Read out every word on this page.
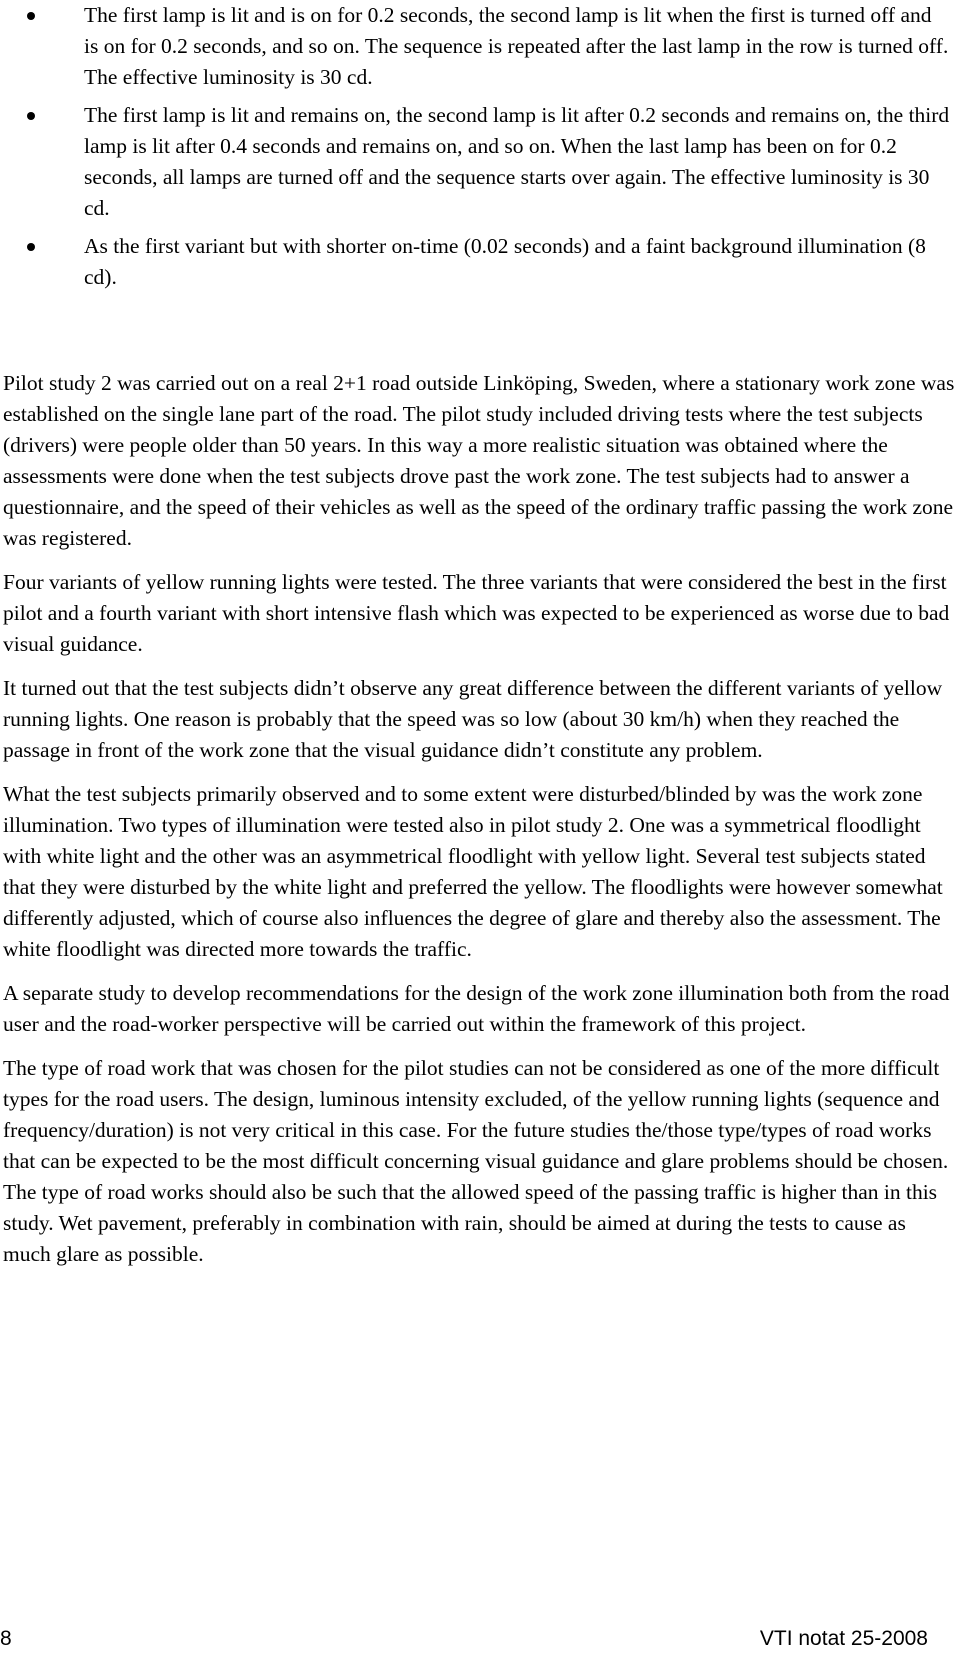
The first lamp is lit and is on for 0.2 seconds, the second lamp is lit when the first is turned off and is on for 0.2 seconds, and so on. The sequence is repeated after the last lamp in the row is turned off. The effective luminosity is 30 cd.
The first lamp is lit and remains on, the second lamp is lit after 0.2 seconds and remains on, the third lamp is lit after 0.4 seconds and remains on, and so on. When the last lamp has been on for 0.2 seconds, all lamps are turned off and the sequence starts over again. The effective luminosity is 30 cd.
As the first variant but with shorter on-time (0.02 seconds) and a faint background illumination (8 cd).

Pilot study 2 was carried out on a real 2+1 road outside Linköping, Sweden, where a stationary work zone was established on the single lane part of the road. The pilot study included driving tests where the test subjects (drivers) were people older than 50 years. In this way a more realistic situation was obtained where the assessments were done when the test subjects drove past the work zone. The test subjects had to answer a questionnaire, and the speed of their vehicles as well as the speed of the ordinary traffic passing the work zone was registered.

Four variants of yellow running lights were tested. The three variants that were considered the best in the first pilot and a fourth variant with short intensive flash which was expected to be experienced as worse due to bad visual guidance.

It turned out that the test subjects didn’t observe any great difference between the different variants of yellow running lights. One reason is probably that the speed was so low (about 30 km/h) when they reached the passage in front of the work zone that the visual guidance didn’t constitute any problem.

What the test subjects primarily observed and to some extent were disturbed/blinded by was the work zone illumination. Two types of illumination were tested also in pilot study 2. One was a symmetrical floodlight with white light and the other was an asymmetrical floodlight with yellow light. Several test subjects stated that they were disturbed by the white light and preferred the yellow. The floodlights were however somewhat differently adjusted, which of course also influences the degree of glare and thereby also the assessment. The white floodlight was directed more towards the traffic.

A separate study to develop recommendations for the design of the work zone illumination both from the road user and the road-worker perspective will be carried out within the framework of this project.

The type of road work that was chosen for the pilot studies can not be considered as one of the more difficult types for the road users. The design, luminous intensity excluded, of the yellow running lights (sequence and frequency/duration) is not very critical in this case. For the future studies the/those type/types of road works that can be expected to be the most difficult concerning visual guidance and glare problems should be chosen. The type of road works should also be such that the allowed speed of the passing traffic is higher than in this study. Wet pavement, preferably in combination with rain, should be aimed at during the tests to cause as much glare as possible.

8	VTI notat 25-2008
